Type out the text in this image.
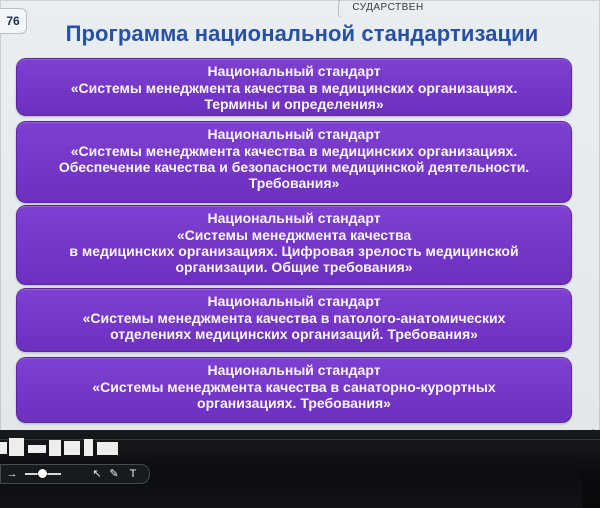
76
СУДАРСТВЕН
Программа национальной стандартизации
Национальный стандарт
«Системы менеджмента качества в медицинских организациях.
Термины и определения»
Национальный стандарт
«Системы менеджмента качества в медицинских организациях.
Обеспечение качества и безопасности медицинской деятельности.
Требования»
Национальный стандарт
«Системы менеджмента качества
в медицинских организациях. Цифровая зрелость медицинской
организации. Общие требования»
Национальный стандарт
«Системы менеджмента качества в патолого-анатомических
отделениях медицинских организаций. Требования»
Национальный стандарт
«Системы менеджмента качества в санаторно-курортных
организациях. Требования»
→	↖ ✎ T
